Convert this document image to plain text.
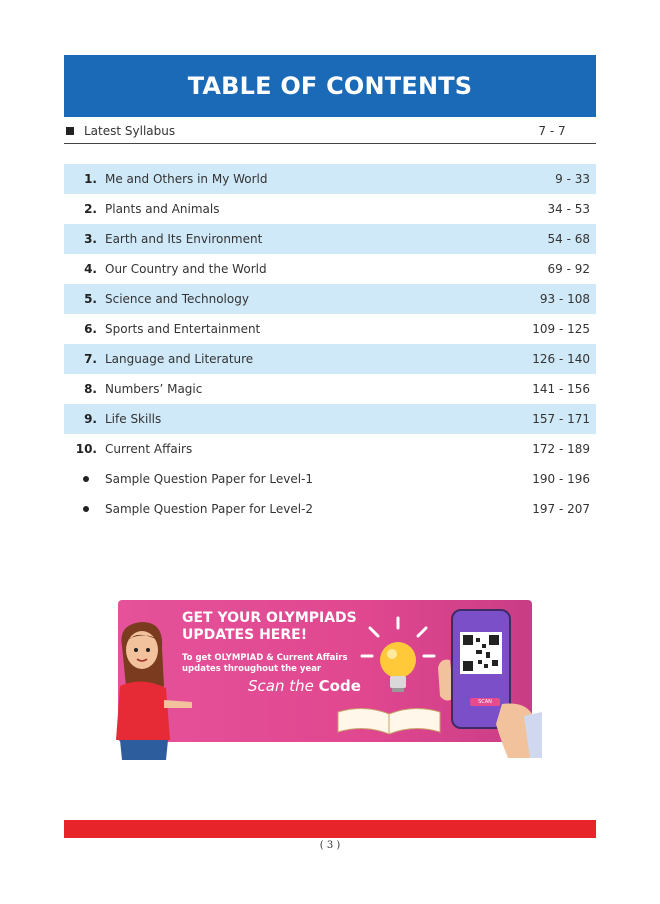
TABLE OF CONTENTS
Latest Syllabus	7 - 7
1. Me and Others in My World	9 - 33
2. Plants and Animals	34 - 53
3. Earth and Its Environment	54 - 68
4. Our Country and the World	69 - 92
5. Science and Technology	93 - 108
6. Sports and Entertainment	109 - 125
7. Language and Literature	126 - 140
8. Numbers’ Magic	141 - 156
9. Life Skills	157 - 171
10. Current Affairs	172 - 189
Sample Question Paper for Level-1	190 - 196
Sample Question Paper for Level-2	197 - 207
GET YOUR OLYMPIADS
UPDATES HERE!
To get OLYMPIAD & Current Affairs
updates throughout the year
Scan the Code
SCAN
( 3 )
